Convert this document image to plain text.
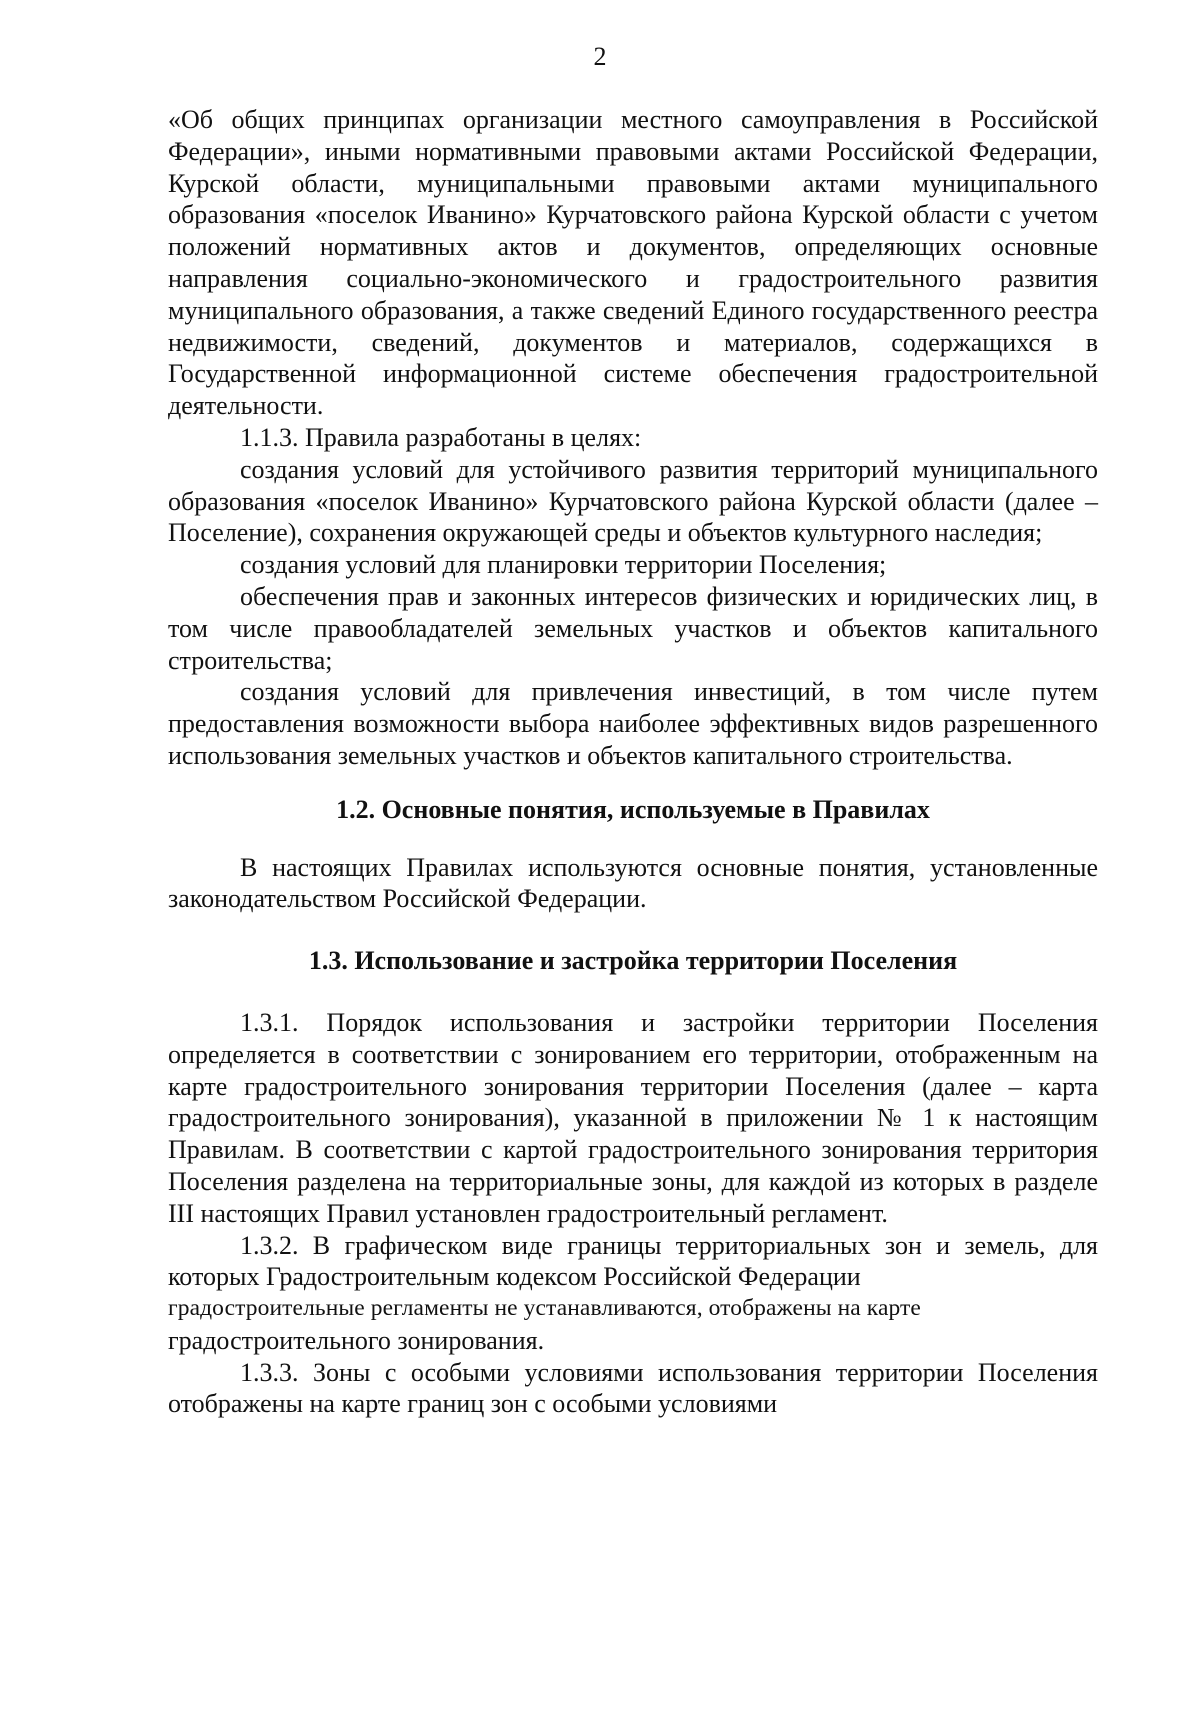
2

«Об общих принципах организации местного самоуправления в Российской Федерации», иными нормативными правовыми актами Российской Федерации, Курской области, муниципальными правовыми актами муниципального образования «поселок Иванино» Курчатовского района Курской области с учетом положений нормативных актов и документов, определяющих основные направления социально-экономического и градостроительного развития муниципального образования, а также сведений Единого государственного реестра недвижимости, сведений, документов и материалов, содержащихся в Государственной информационной системе обеспечения градостроительной деятельности.

1.1.3. Правила разработаны в целях:

создания условий для устойчивого развития территорий муниципального образования «поселок Иванино» Курчатовского района Курской области (далее – Поселение), сохранения окружающей среды и объектов культурного наследия;

создания условий для планировки территории Поселения;

обеспечения прав и законных интересов физических и юридических лиц, в том числе правообладателей земельных участков и объектов капитального строительства;

создания условий для привлечения инвестиций, в том числе путем предоставления возможности выбора наиболее эффективных видов разрешенного использования земельных участков и объектов капитального строительства.

1.2. Основные понятия, используемые в Правилах

В настоящих Правилах используются основные понятия, установленные законодательством Российской Федерации.

1.3. Использование и застройка территории Поселения

1.3.1. Порядок использования и застройки территории Поселения определяется в соответствии с зонированием его территории, отображенным на карте градостроительного зонирования территории Поселения (далее – карта градостроительного зонирования), указанной в приложении № 1 к настоящим Правилам. В соответствии с картой градостроительного зонирования территория Поселения разделена на территориальные зоны, для каждой из которых в разделе III настоящих Правил установлен градостроительный регламент.

1.3.2. В графическом виде границы территориальных зон и земель, для которых Градостроительным кодексом Российской Федерации

градостроительные регламенты не устанавливаются, отображены на карте

градостроительного зонирования.

1.3.3. Зоны с особыми условиями использования территории Поселения отображены на карте границ зон с особыми условиями
